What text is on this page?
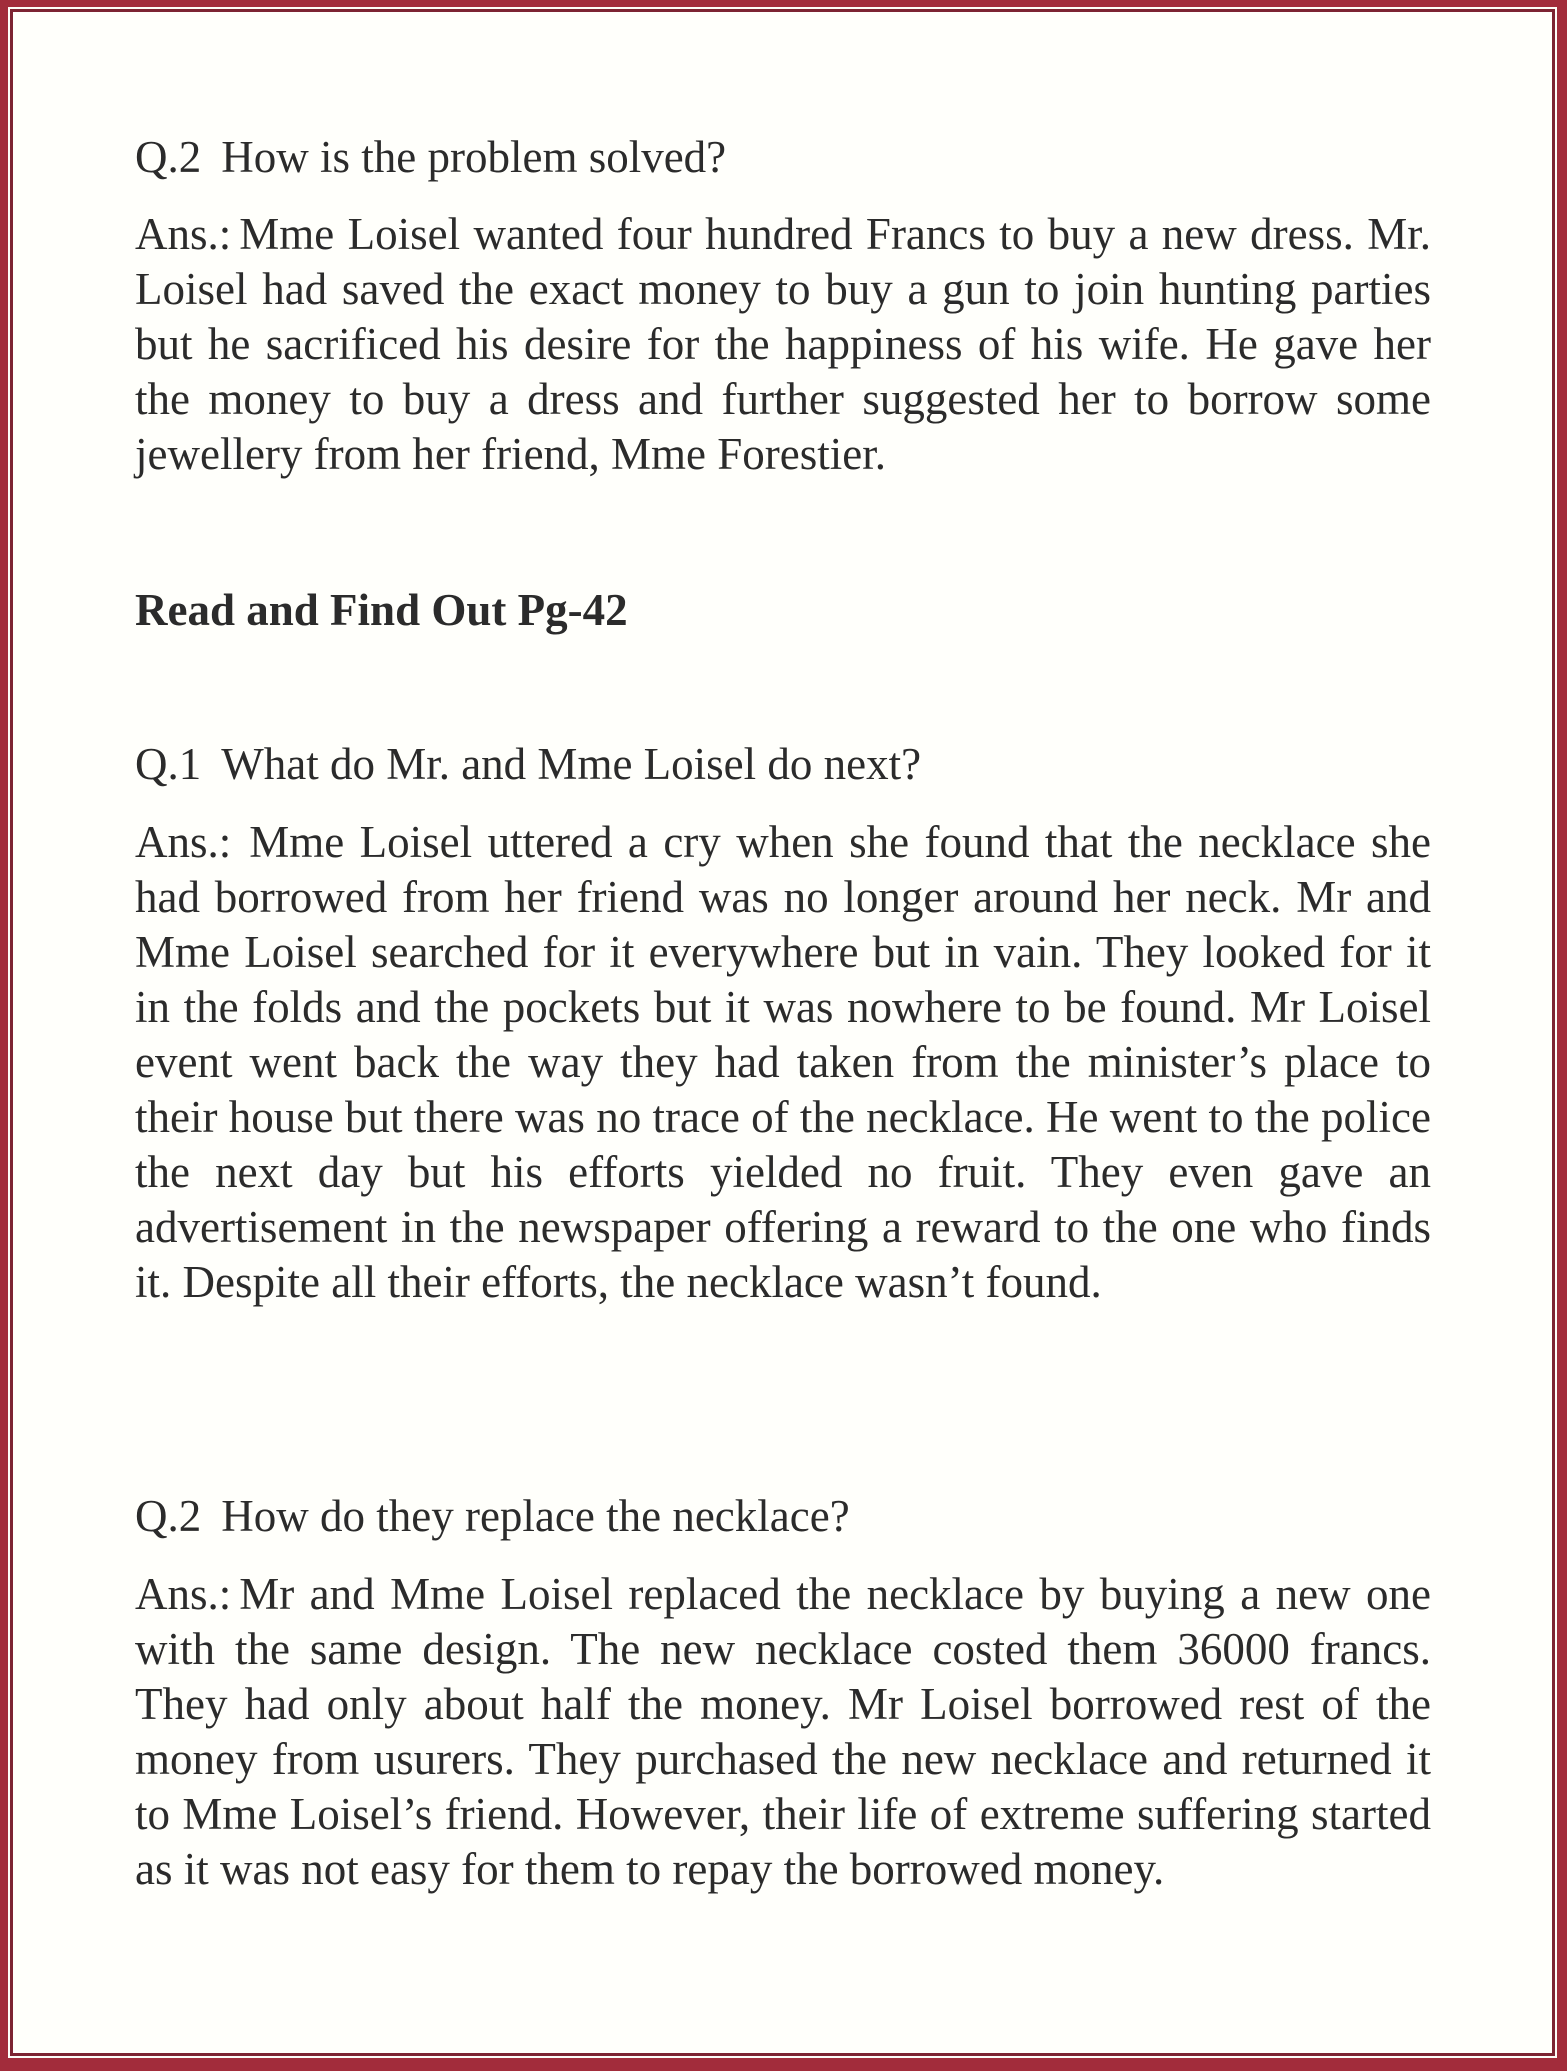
Q.2 How is the problem solved?

Ans.: Mme Loisel wanted four hundred Francs to buy a new dress. Mr. Loisel had saved the exact money to buy a gun to join hunting parties but he sacrificed his desire for the happiness of his wife. He gave her the money to buy a dress and further suggested her to borrow some jewellery from her friend, Mme Forestier.

Read and Find Out Pg-42

Q.1 What do Mr. and Mme Loisel do next?

Ans.: Mme Loisel uttered a cry when she found that the necklace she had borrowed from her friend was no longer around her neck. Mr and Mme Loisel searched for it everywhere but in vain. They looked for it in the folds and the pockets but it was nowhere to be found. Mr Loisel event went back the way they had taken from the minister’s place to their house but there was no trace of the necklace. He went to the police the next day but his efforts yielded no fruit. They even gave an advertisement in the newspaper offering a reward to the one who finds it. Despite all their efforts, the necklace wasn’t found.

Q.2 How do they replace the necklace?

Ans.: Mr and Mme Loisel replaced the necklace by buying a new one with the same design. The new necklace costed them 36000 francs. They had only about half the money. Mr Loisel borrowed rest of the money from usurers. They purchased the new necklace and returned it to Mme Loisel’s friend. However, their life of extreme suffering started as it was not easy for them to repay the borrowed money.
